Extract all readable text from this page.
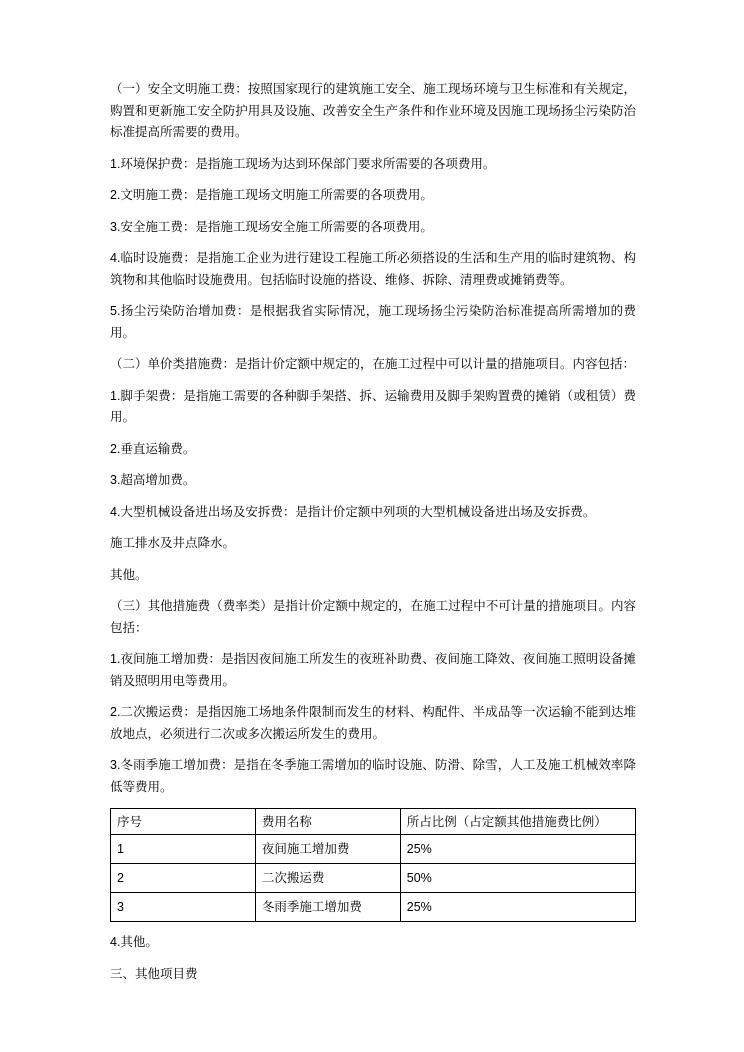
（一）安全文明施工费：按照国家现行的建筑施工安全、施工现场环境与卫生标准和有关规定，购置和更新施工安全防护用具及设施、改善安全生产条件和作业环境及因施工现场扬尘污染防治标准提高所需要的费用。

1.环境保护费：是指施工现场为达到环保部门要求所需要的各项费用。

2.文明施工费：是指施工现场文明施工所需要的各项费用。

3.安全施工费：是指施工现场安全施工所需要的各项费用。

4.临时设施费：是指施工企业为进行建设工程施工所必须搭设的生活和生产用的临时建筑物、构筑物和其他临时设施费用。包括临时设施的搭设、维修、拆除、清理费或摊销费等。

5.扬尘污染防治增加费：是根据我省实际情况，施工现场扬尘污染防治标准提高所需增加的费用。

（二）单价类措施费：是指计价定额中规定的，在施工过程中可以计量的措施项目。内容包括：

1.脚手架费：是指施工需要的各种脚手架搭、拆、运输费用及脚手架购置费的摊销（或租赁）费用。

2.垂直运输费。

3.超高增加费。

4.大型机械设备进出场及安拆费：是指计价定额中列项的大型机械设备进出场及安拆费。

施工排水及井点降水。

其他。

（三）其他措施费（费率类）是指计价定额中规定的，在施工过程中不可计量的措施项目。内容包括：

1.夜间施工增加费：是指因夜间施工所发生的夜班补助费、夜间施工降效、夜间施工照明设备摊销及照明用电等费用。

2.二次搬运费：是指因施工场地条件限制而发生的材料、构配件、半成品等一次运输不能到达堆放地点，必须进行二次或多次搬运所发生的费用。

3.冬雨季施工增加费：是指在冬季施工需增加的临时设施、防滑、除雪，人工及施工机械效率降低等费用。

序号	费用名称	所占比例（占定额其他措施费比例）
1	夜间施工增加费	25%
2	二次搬运费	50%
3	冬雨季施工增加费	25%

4.其他。

三、其他项目费
